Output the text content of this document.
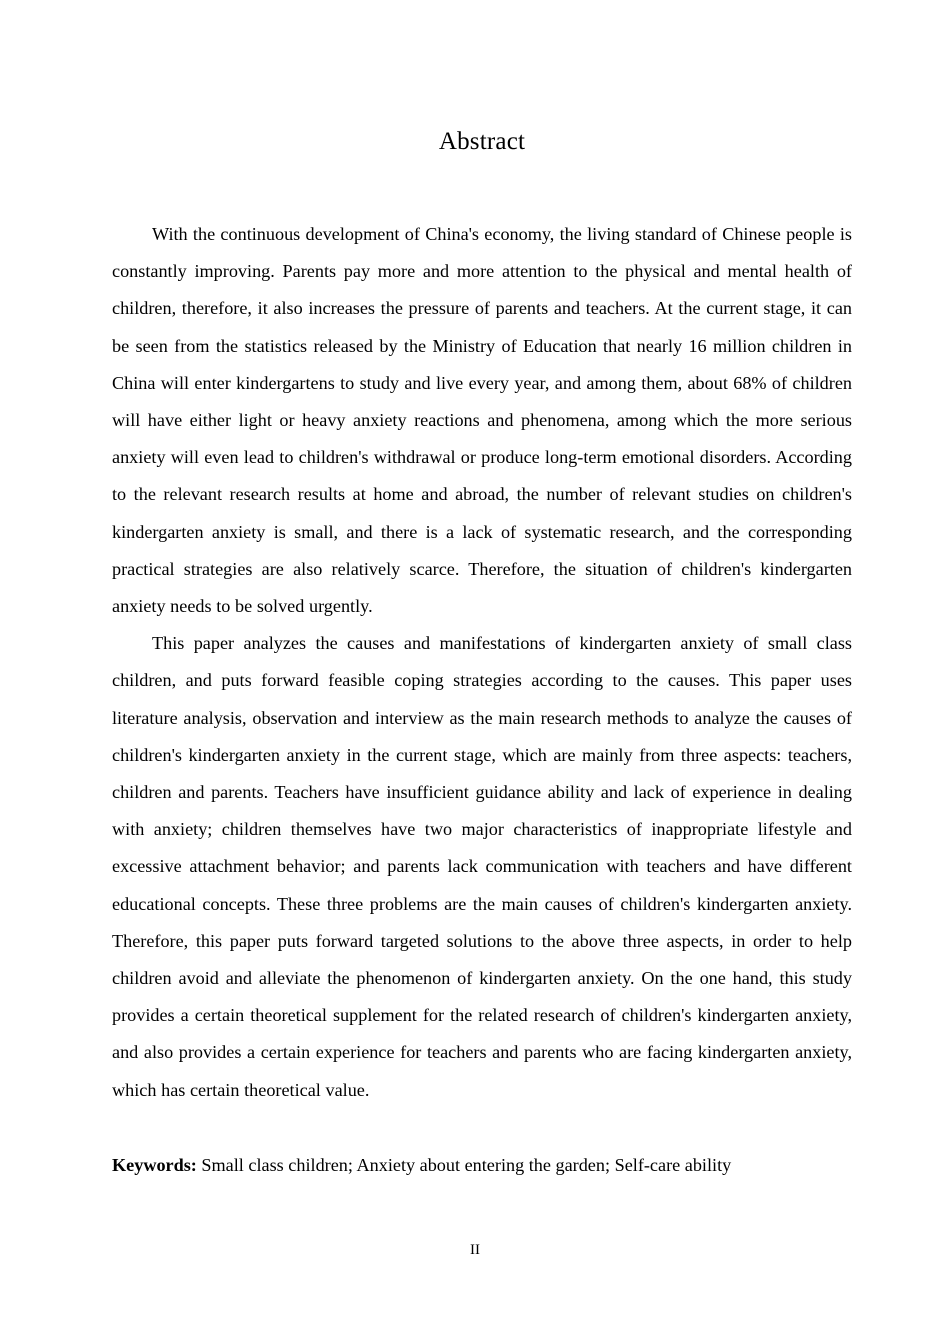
Abstract

With the continuous development of China's economy, the living standard of Chinese people is constantly improving. Parents pay more and more attention to the physical and mental health of children, therefore, it also increases the pressure of parents and teachers. At the current stage, it can be seen from the statistics released by the Ministry of Education that nearly 16 million children in China will enter kindergartens to study and live every year, and among them, about 68% of children will have either light or heavy anxiety reactions and phenomena, among which the more serious anxiety will even lead to children's withdrawal or produce long-term emotional disorders. According to the relevant research results at home and abroad, the number of relevant studies on children's kindergarten anxiety is small, and there is a lack of systematic research, and the corresponding practical strategies are also relatively scarce. Therefore, the situation of children's kindergarten anxiety needs to be solved urgently.

This paper analyzes the causes and manifestations of kindergarten anxiety of small class children, and puts forward feasible coping strategies according to the causes. This paper uses literature analysis, observation and interview as the main research methods to analyze the causes of children's kindergarten anxiety in the current stage, which are mainly from three aspects: teachers, children and parents. Teachers have insufficient guidance ability and lack of experience in dealing with anxiety; children themselves have two major characteristics of inappropriate lifestyle and excessive attachment behavior; and parents lack communication with teachers and have different educational concepts. These three problems are the main causes of children's kindergarten anxiety. Therefore, this paper puts forward targeted solutions to the above three aspects, in order to help children avoid and alleviate the phenomenon of kindergarten anxiety. On the one hand, this study provides a certain theoretical supplement for the related research of children's kindergarten anxiety, and also provides a certain experience for teachers and parents who are facing kindergarten anxiety, which has certain theoretical value.

Keywords: Small class children; Anxiety about entering the garden; Self-care ability

II
